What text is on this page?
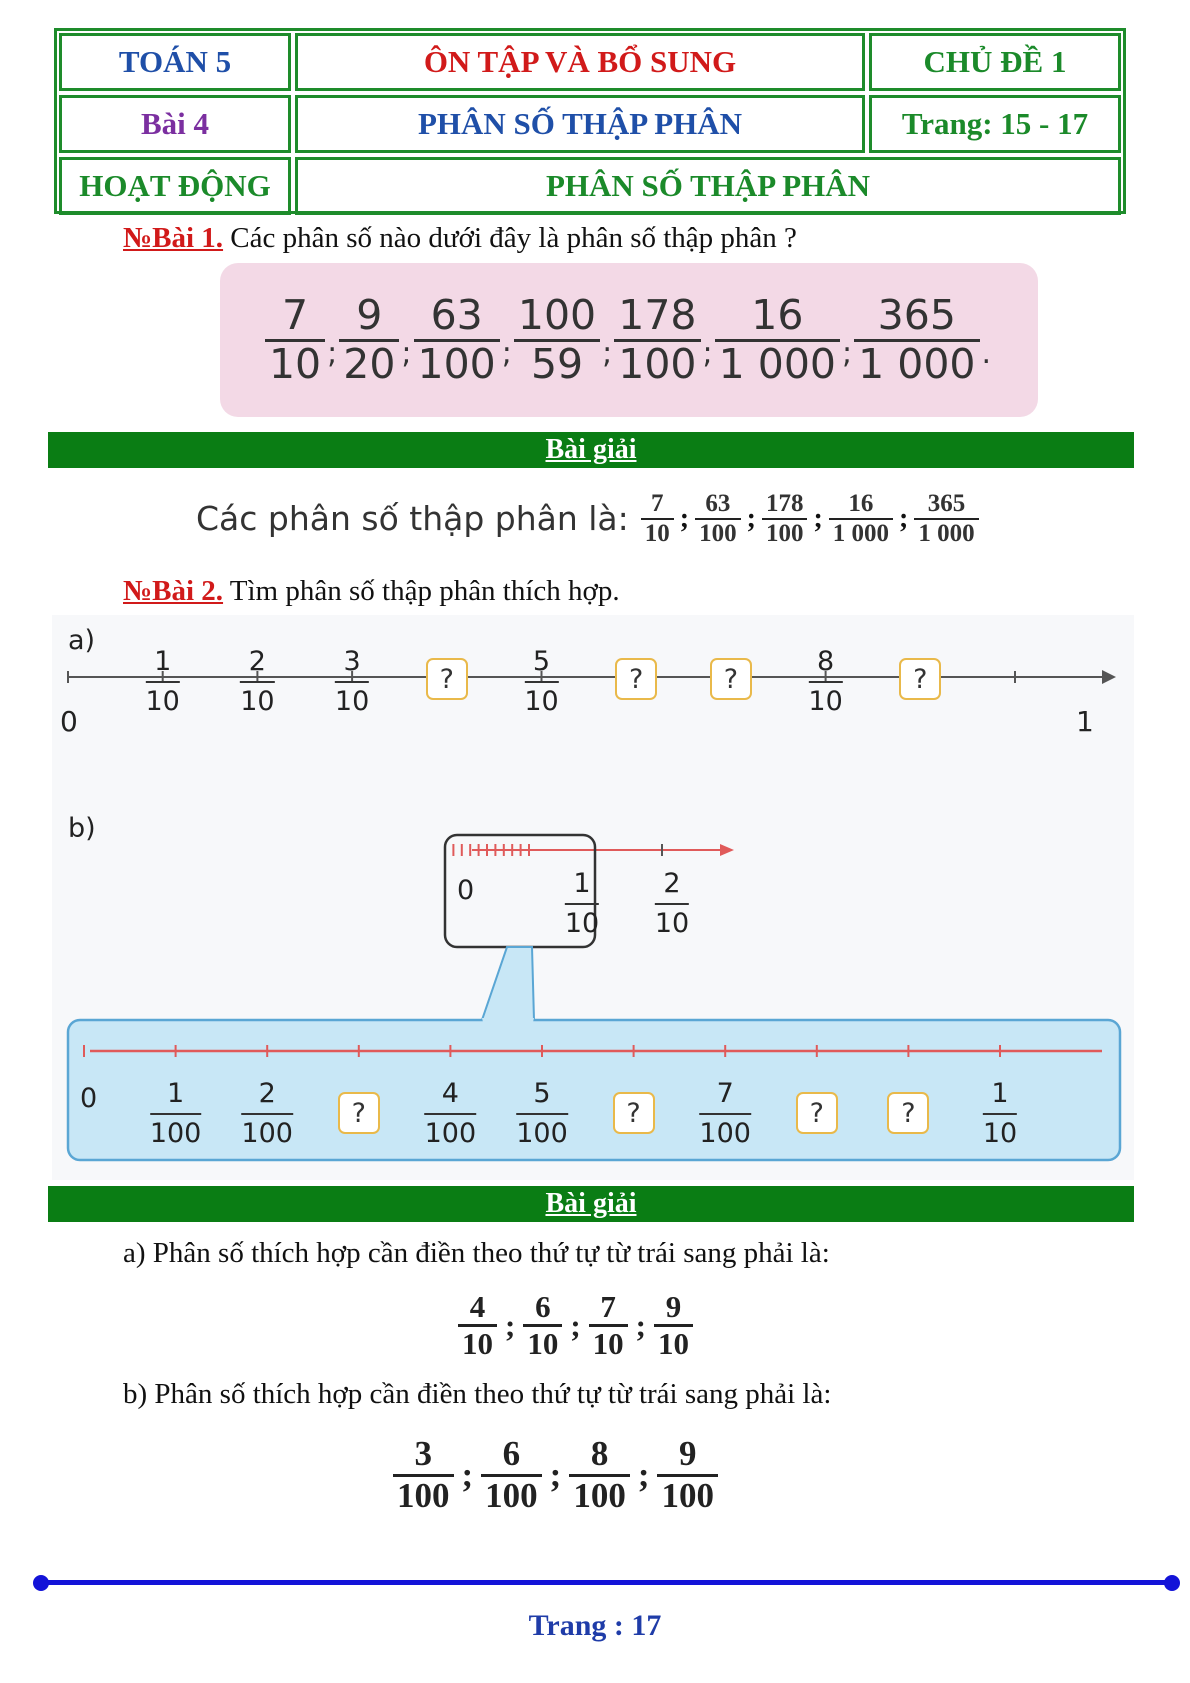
TOÁN 5	ÔN TẬP VÀ BỔ SUNG	CHỦ ĐỀ 1
Bài 4	PHÂN SỐ THẬP PHÂN	Trang: 15 - 17
HOẠT ĐỘNG	PHÂN SỐ THẬP PHÂN
№Bài 1. Các phân số nào dưới đây là phân số thập phân ?
$\frac{7}{10}$ ; $\frac{9}{20}$ ; $\frac{63}{100}$ ; $\frac{100}{59}$ ; $\frac{178}{100}$ ; $\frac{16}{1 000}$ ; $\frac{365}{1 000}$ .
Bài giải
Các phân số thập phân là: $\frac{7}{10}$ ; $\frac{63}{100}$ ; $\frac{178}{100}$ ; $\frac{16}{1 000}$ ; $\frac{365}{1 000}$
№Bài 2. Tìm phân số thập phân thích hợp.
a)
0	1
1
10
2
10
3
10
?
5
10
?	?
8
10
?
b)
0	1
10
2
10
0	1
100
2
100
?
4
100
5
100
?
7
100
?	?
1
10
Bài giải
a) Phân số thích hợp cần điền theo thứ tự từ trái sang phải là:
$\frac{4}{10}$ ; $\frac{6}{10}$ ; $\frac{7}{10}$ ; $\frac{9}{10}$
b) Phân số thích hợp cần điền theo thứ tự từ trái sang phải là:
$\frac{3}{100}$ ; $\frac{6}{100}$ ; $\frac{8}{100}$ ; $\frac{9}{100}$
Trang : 17
